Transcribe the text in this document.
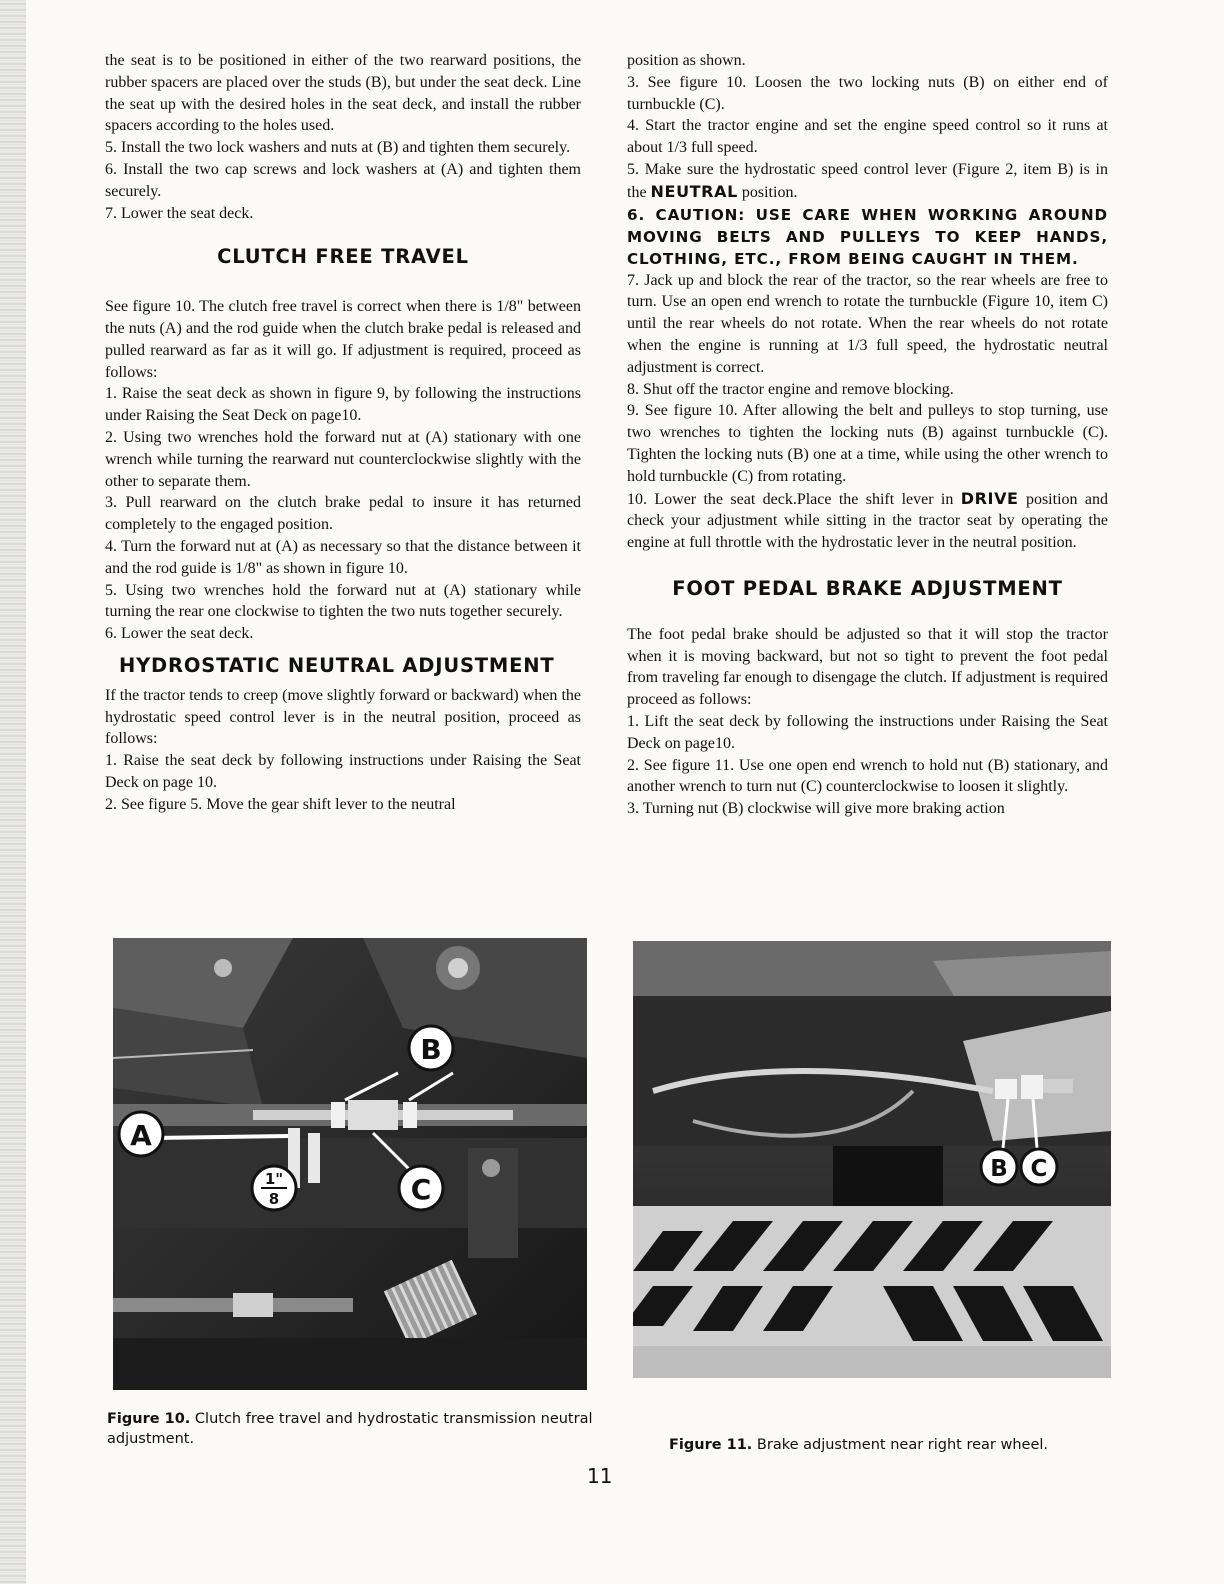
the seat is to be positioned in either of the two rearward positions, the rubber spacers are placed over the studs (B), but under the seat deck. Line the seat up with the desired holes in the seat deck, and install the rubber spacers according to the holes used.

5. Install the two lock washers and nuts at (B) and tighten them securely.

6. Install the two cap screws and lock washers at (A) and tighten them securely.

7. Lower the seat deck.

CLUTCH FREE TRAVEL

See figure 10. The clutch free travel is correct when there is 1/8" between the nuts (A) and the rod guide when the clutch brake pedal is released and pulled rearward as far as it will go. If adjustment is required, proceed as follows:

1. Raise the seat deck as shown in figure 9, by following the instructions under Raising the Seat Deck on page10.

2. Using two wrenches hold the forward nut at (A) stationary with one wrench while turning the rearward nut counterclockwise slightly with the other to separate them.

3. Pull rearward on the clutch brake pedal to insure it has returned completely to the engaged position.

4. Turn the forward nut at (A) as necessary so that the distance between it and the rod guide is 1/8" as shown in figure 10.

5. Using two wrenches hold the forward nut at (A) stationary while turning the rear one clockwise to tighten the two nuts together securely.

6. Lower the seat deck.

HYDROSTATIC NEUTRAL ADJUSTMENT

If the tractor tends to creep (move slightly forward or backward) when the hydrostatic speed control lever is in the neutral position, proceed as follows:

1. Raise the seat deck by following instructions under Raising the Seat Deck on page 10.

2. See figure 5. Move the gear shift lever to the neutral

position as shown.

3. See figure 10. Loosen the two locking nuts (B) on either end of turnbuckle (C).

4. Start the tractor engine and set the engine speed control so it runs at about 1/3 full speed.

5. Make sure the hydrostatic speed control lever (Figure 2, item B) is in the NEUTRAL position.

6. CAUTION: USE CARE WHEN WORKING AROUND MOVING BELTS AND PULLEYS TO KEEP HANDS, CLOTHING, ETC., FROM BEING CAUGHT IN THEM.

7. Jack up and block the rear of the tractor, so the rear wheels are free to turn. Use an open end wrench to rotate the turnbuckle (Figure 10, item C) until the rear wheels do not rotate. When the rear wheels do not rotate when the engine is running at 1/3 full speed, the hydrostatic neutral adjustment is correct.

8. Shut off the tractor engine and remove blocking.

9. See figure 10. After allowing the belt and pulleys to stop turning, use two wrenches to tighten the locking nuts (B) against turnbuckle (C). Tighten the locking nuts (B) one at a time, while using the other wrench to hold turnbuckle (C) from rotating.

10. Lower the seat deck.Place the shift lever in DRIVE position and check your adjustment while sitting in the tractor seat by operating the engine at full throttle with the hydrostatic lever in the neutral position.

FOOT PEDAL BRAKE ADJUSTMENT

The foot pedal brake should be adjusted so that it will stop the tractor when it is moving backward, but not so tight to prevent the foot pedal from traveling far enough to disengage the clutch. If adjustment is required proceed as follows:

1. Lift the seat deck by following the instructions under Raising the Seat Deck on page10.

2. See figure 11. Use one open end wrench to hold nut (B) stationary, and another wrench to turn nut (C) counterclockwise to loosen it slightly.

3. Turning nut (B) clockwise will give more braking action

B
A
C
1"
8
Figure 10. Clutch free travel and hydrostatic transmission neutral adjustment.
B C
Figure 11. Brake adjustment near right rear wheel.
11
